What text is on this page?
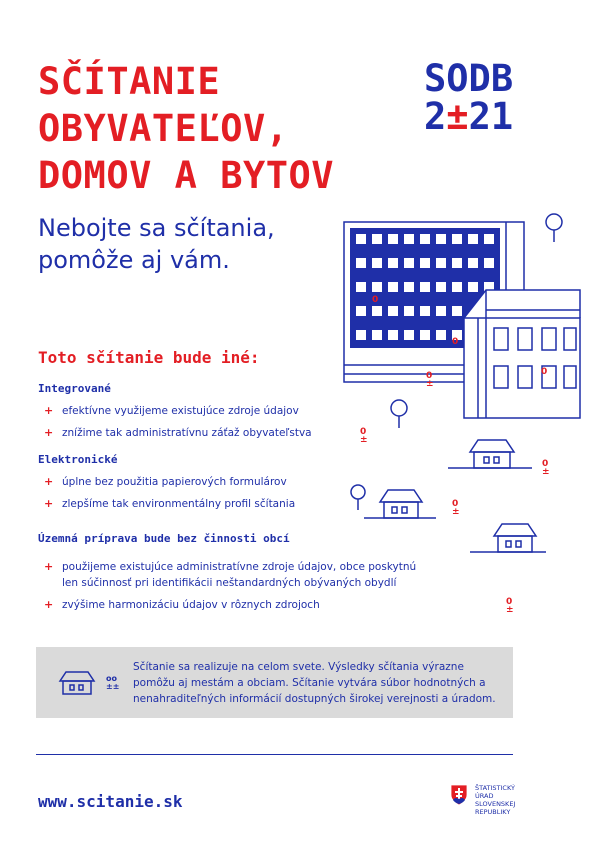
SČÍTANIE
OBYVATEĽOV,
DOMOV A BYTOV
SODB
2±21
Nebojte sa sčítania,
pomôže aj vám.
0
0
0
±
0
0
±
0
±
0
±
0
±
Toto sčítanie bude iné:
Integrované
+ efektívne využijeme existujúce zdroje údajov
+ znížime tak administratívnu záťaž obyvateľstva
Elektronické
+ úplne bez použitia papierových formulárov
+ zlepšíme tak environmentálny profil sčítania
Územná príprava bude bez činnosti obcí
+ použijeme existujúce administratívne zdroje údajov, obce poskytnú len súčinnosť pri identifikácii neštandardných obývaných obydlí
+ zvýšime harmonizáciu údajov v rôznych zdrojoch
oo
±±
Sčítanie sa realizuje na celom svete. Výsledky sčítania výrazne pomôžu aj mestám a obciam. Sčítanie vytvára súbor hodnotných a nenahraditeľných informácií dostupných širokej verejnosti a úradom.
www.scitanie.sk
ŠTATISTICKÝ
ÚRAD
SLOVENSKEJ
REPUBLIKY
